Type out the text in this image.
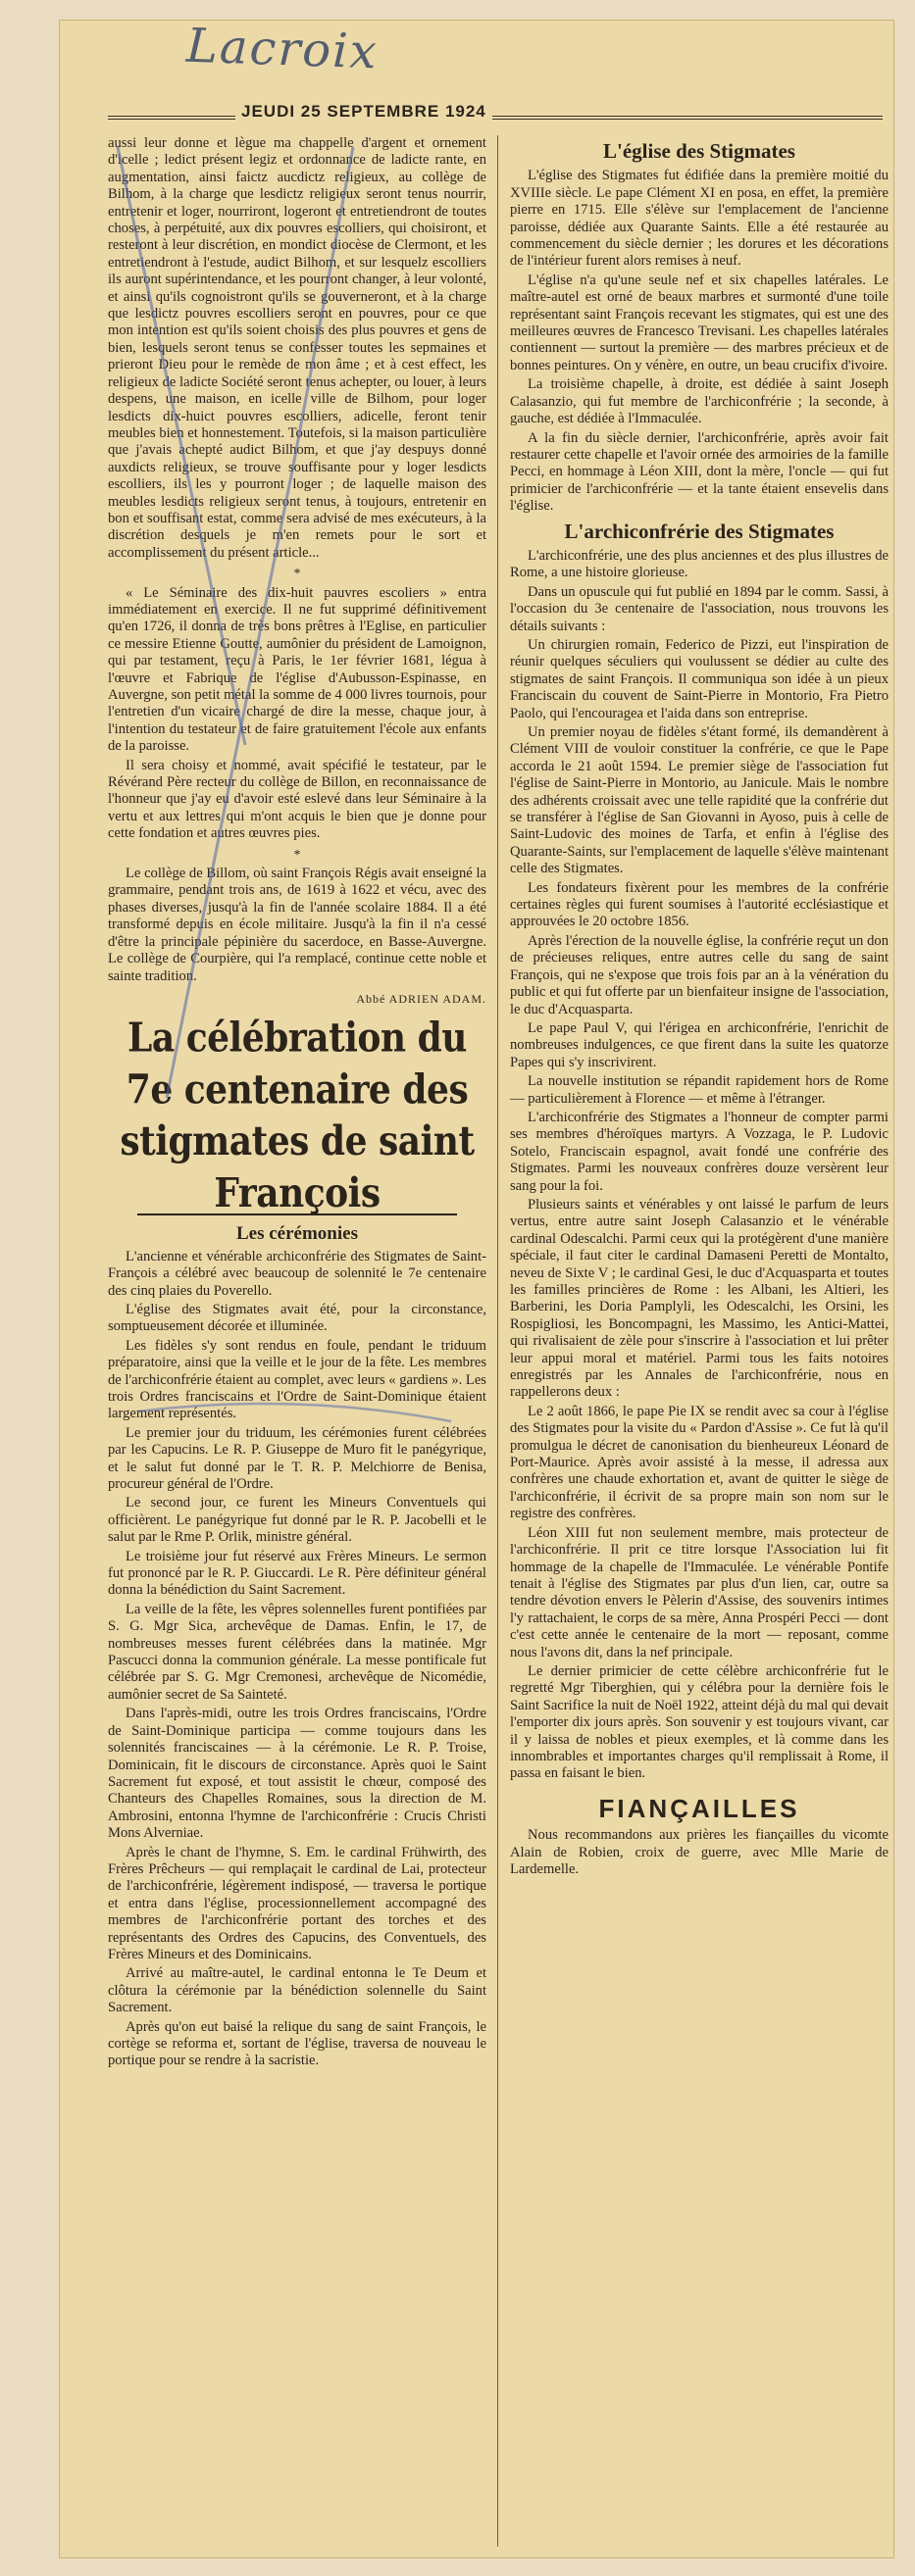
Lacroix
JEUDI 25 SEPTEMBRE 1924

aussi leur donne et lègue ma chappelle d'argent et ornement d'icelle ; ledict présent legiz et ordonnance de ladicte rante, en augmentation, ainsi faictz aucdictz religieux, au collège de Bilhom, à la charge que lesdictz religieux seront tenus nourrir, entretenir et loger, nourriront, logeront et entretiendront de toutes choses, à perpétuité, aux dix pouvres escolliers, qui choisiront, et resteront à leur discrétion, en mondict diocèse de Clermont, et les entretiendront à l'estude, audict Bilhom, et sur lesquelz escolliers ils auront supérintendance, et les pourront changer, à leur volonté, et ainsi qu'ils cognoistront qu'ils se gouverneront, et à la charge que lesdictz pouvres escolliers seront en pouvres, pour ce que mon intention est qu'ils soient choisis des plus pouvres et gens de bien, lesquels seront tenus se confesser toutes les sepmaines et prieront Dieu pour le remède de mon âme ; et à cest effect, les religieux de ladicte Société seront tenus achepter, ou louer, à leurs despens, une maison, en icelle ville de Bilhom, pour loger lesdicts dix-huict pouvres escolliers, adicelle, feront tenir meubles bien et honnestement. Toutefois, si la maison particulière que j'avais achepté audict Bilhom, et que j'ay despuys donné auxdicts religieux, se trouve souffisante pour y loger lesdicts escolliers, ils les y pourront loger ; de laquelle maison des meubles lesdicts religieux seront tenus, à toujours, entretenir en bon et souffisant estat, comme sera advisé de mes exécuteurs, à la discrétion desquels je m'en remets pour le sort et accomplissement du présent article...

*

« Le Séminaire des dix-huit pauvres escoliers » entra immédiatement en exercice. Il ne fut supprimé définitivement qu'en 1726, il donna de très bons prêtres à l'Eglise, en particulier ce messire Etienne Goutte, aumônier du président de Lamoignon, qui par testament, reçu à Paris, le 1er février 1681, légua à l'œuvre et Fabrique de l'église d'Aubusson-Espinasse, en Auvergne, son petit métal la somme de 4 000 livres tournois, pour l'entretien d'un vicaire chargé de dire la messe, chaque jour, à l'intention du testateur et de faire gratuitement l'école aux enfants de la paroisse.

Il sera choisy et nommé, avait spécifié le testateur, par le Révérand Père recteur du collège de Billon, en reconnaissance de l'honneur que j'ay eu d'avoir esté eslevé dans leur Séminaire à la vertu et aux lettres qui m'ont acquis le bien que je donne pour cette fondation et autres œuvres pies.

*

Le collège de Billom, où saint François Régis avait enseigné la grammaire, pendant trois ans, de 1619 à 1622 et vécu, avec des phases diverses, jusqu'à la fin de l'année scolaire 1884. Il a été transformé depuis en école militaire. Jusqu'à la fin il n'a cessé d'être la principale pépinière du sacerdoce, en Basse-Auvergne. Le collège de Courpière, qui l'a remplacé, continue cette noble et sainte tradition.

Abbé ADRIEN ADAM.
La célébration du 7e centenaire des stigmates de saint François
Les cérémonies

L'ancienne et vénérable archiconfrérie des Stigmates de Saint-François a célébré avec beaucoup de solennité le 7e centenaire des cinq plaies du Poverello.

L'église des Stigmates avait été, pour la circonstance, somptueusement décorée et illuminée.

Les fidèles s'y sont rendus en foule, pendant le triduum préparatoire, ainsi que la veille et le jour de la fête. Les membres de l'archiconfrérie étaient au complet, avec leurs « gardiens ». Les trois Ordres franciscains et l'Ordre de Saint-Dominique étaient largement représentés.

Le premier jour du triduum, les cérémonies furent célébrées par les Capucins. Le R. P. Giuseppe de Muro fit le panégyrique, et le salut fut donné par le T. R. P. Melchiorre de Benisa, procureur général de l'Ordre.

Le second jour, ce furent les Mineurs Conventuels qui officièrent. Le panégyrique fut donné par le R. P. Jacobelli et le salut par le Rme P. Orlik, ministre général.

Le troisième jour fut réservé aux Frères Mineurs. Le sermon fut prononcé par le R. P. Giuccardi. Le R. Père définiteur général donna la bénédiction du Saint Sacrement.

La veille de la fête, les vêpres solennelles furent pontifiées par S. G. Mgr Sica, archevêque de Damas. Enfin, le 17, de nombreuses messes furent célébrées dans la matinée. Mgr Pascucci donna la communion générale. La messe pontificale fut célébrée par S. G. Mgr Cremonesi, archevêque de Nicomédie, aumônier secret de Sa Sainteté.

Dans l'après-midi, outre les trois Ordres franciscains, l'Ordre de Saint-Dominique participa — comme toujours dans les solennités franciscaines — à la cérémonie. Le R. P. Troise, Dominicain, fit le discours de circonstance. Après quoi le Saint Sacrement fut exposé, et tout assistit le chœur, composé des Chanteurs des Chapelles Romaines, sous la direction de M. Ambrosini, entonna l'hymne de l'archiconfrérie : Crucis Christi Mons Alverniae.

Après le chant de l'hymne, S. Em. le cardinal Frühwirth, des Frères Prêcheurs — qui remplaçait le cardinal de Lai, protecteur de l'archiconfrérie, légèrement indisposé, — traversa le portique et entra dans l'église, processionnellement accompagné des membres de l'archiconfrérie portant des torches et des représentants des Ordres des Capucins, des Conventuels, des Frères Mineurs et des Dominicains.

Arrivé au maître-autel, le cardinal entonna le Te Deum et clôtura la cérémonie par la bénédiction solennelle du Saint Sacrement.

Après qu'on eut baisé la relique du sang de saint François, le cortège se reforma et, sortant de l'église, traversa de nouveau le portique pour se rendre à la sacristie.

L'église des Stigmates

L'église des Stigmates fut édifiée dans la première moitié du XVIIIe siècle. Le pape Clément XI en posa, en effet, la première pierre en 1715. Elle s'élève sur l'emplacement de l'ancienne paroisse, dédiée aux Quarante Saints. Elle a été restaurée au commencement du siècle dernier ; les dorures et les décorations de l'intérieur furent alors remises à neuf.

L'église n'a qu'une seule nef et six chapelles latérales. Le maître-autel est orné de beaux marbres et surmonté d'une toile représentant saint François recevant les stigmates, qui est une des meilleures œuvres de Francesco Trevisani. Les chapelles latérales contiennent — surtout la première — des marbres précieux et de bonnes peintures. On y vénère, en outre, un beau crucifix d'ivoire.

La troisième chapelle, à droite, est dédiée à saint Joseph Calasanzio, qui fut membre de l'archiconfrérie ; la seconde, à gauche, est dédiée à l'Immaculée.

A la fin du siècle dernier, l'archiconfrérie, après avoir fait restaurer cette chapelle et l'avoir ornée des armoiries de la famille Pecci, en hommage à Léon XIII, dont la mère, l'oncle — qui fut primicier de l'archiconfrérie — et la tante étaient ensevelis dans l'église.

L'archiconfrérie des Stigmates

L'archiconfrérie, une des plus anciennes et des plus illustres de Rome, a une histoire glorieuse.

Dans un opuscule qui fut publié en 1894 par le comm. Sassi, à l'occasion du 3e centenaire de l'association, nous trouvons les détails suivants :

Un chirurgien romain, Federico de Pizzi, eut l'inspiration de réunir quelques séculiers qui voulussent se dédier au culte des stigmates de saint François. Il communiqua son idée à un pieux Franciscain du couvent de Saint-Pierre in Montorio, Fra Pietro Paolo, qui l'encouragea et l'aida dans son entreprise.

Un premier noyau de fidèles s'étant formé, ils demandèrent à Clément VIII de vouloir constituer la confrérie, ce que le Pape accorda le 21 août 1594. Le premier siège de l'association fut l'église de Saint-Pierre in Montorio, au Janicule. Mais le nombre des adhérents croissait avec une telle rapidité que la confrérie dut se transférer à l'église de San Giovanni in Ayoso, puis à celle de Saint-Ludovic des moines de Tarfa, et enfin à l'église des Quarante-Saints, sur l'emplacement de laquelle s'élève maintenant celle des Stigmates.

Les fondateurs fixèrent pour les membres de la confrérie certaines règles qui furent soumises à l'autorité ecclésiastique et approuvées le 20 octobre 1856.

Après l'érection de la nouvelle église, la confrérie reçut un don de précieuses reliques, entre autres celle du sang de saint François, qui ne s'expose que trois fois par an à la vénération du public et qui fut offerte par un bienfaiteur insigne de l'association, le duc d'Acquasparta.

Le pape Paul V, qui l'érigea en archiconfrérie, l'enrichit de nombreuses indulgences, ce que firent dans la suite les quatorze Papes qui s'y inscrivirent.

La nouvelle institution se répandit rapidement hors de Rome — particulièrement à Florence — et même à l'étranger.

L'archiconfrérie des Stigmates a l'honneur de compter parmi ses membres d'héroïques martyrs. A Vozzaga, le P. Ludovic Sotelo, Franciscain espagnol, avait fondé une confrérie des Stigmates. Parmi les nouveaux confrères douze versèrent leur sang pour la foi.

Plusieurs saints et vénérables y ont laissé le parfum de leurs vertus, entre autre saint Joseph Calasanzio et le vénérable cardinal Odescalchi. Parmi ceux qui la protégèrent d'une manière spéciale, il faut citer le cardinal Damaseni Peretti de Montalto, neveu de Sixte V ; le cardinal Gesi, le duc d'Acquasparta et toutes les familles princières de Rome : les Albani, les Altieri, les Barberini, les Doria Pamplyli, les Odescalchi, les Orsini, les Rospigliosi, les Boncompagni, les Massimo, les Antici-Mattei, qui rivalisaient de zèle pour s'inscrire à l'association et lui prêter leur appui moral et matériel. Parmi tous les faits notoires enregistrés par les Annales de l'archiconfrérie, nous en rappellerons deux :

Le 2 août 1866, le pape Pie IX se rendit avec sa cour à l'église des Stigmates pour la visite du « Pardon d'Assise ». Ce fut là qu'il promulgua le décret de canonisation du bienheureux Léonard de Port-Maurice. Après avoir assisté à la messe, il adressa aux confrères une chaude exhortation et, avant de quitter le siège de l'archiconfrérie, il écrivit de sa propre main son nom sur le registre des confrères.

Léon XIII fut non seulement membre, mais protecteur de l'archiconfrérie. Il prit ce titre lorsque l'Association lui fit hommage de la chapelle de l'Immaculée. Le vénérable Pontife tenait à l'église des Stigmates par plus d'un lien, car, outre sa tendre dévotion envers le Pèlerin d'Assise, des souvenirs intimes l'y rattachaient, le corps de sa mère, Anna Prospéri Pecci — dont c'est cette année le centenaire de la mort — reposant, comme nous l'avons dit, dans la nef principale.

Le dernier primicier de cette célèbre archiconfrérie fut le regretté Mgr Tiberghien, qui y célébra pour la dernière fois le Saint Sacrifice la nuit de Noël 1922, atteint déjà du mal qui devait l'emporter dix jours après. Son souvenir y est toujours vivant, car il y laissa de nobles et pieux exemples, et là comme dans les innombrables et importantes charges qu'il remplissait à Rome, il passa en faisant le bien.

FIANÇAILLES

Nous recommandons aux prières les fiançailles du vicomte Alain de Robien, croix de guerre, avec Mlle Marie de Lardemelle.
